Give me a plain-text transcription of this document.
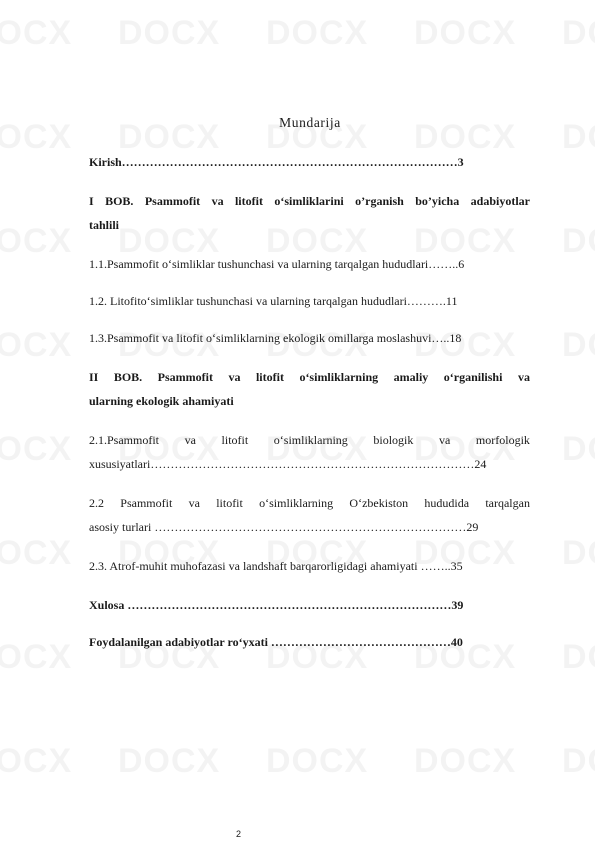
Mundarija
Kirish…………………………………………………………………………3
I BOB. Psammofit va litofit o‘simliklarini o’rganish bo’yicha adabiyotlar
tahlili
1.1.Psammofit o‘simliklar tushunchasi va ularning tarqalgan hududlari……..6
1.2. Litofito‘simliklar tushunchasi va ularning tarqalgan hududlari……….11
1.3.Psammofit va litofit o‘simliklarning ekologik omillarga moslashuvi…..18
II BOB. Psammofit va litofit o‘simliklarning amaliy o‘rganilishi va
ularning ekologik ahamiyati
2.1.Psammofit va litofit o‘simliklarning biologik va morfologik
xususiyatlari………………………………………………………………………24
2.2 Psammofit va litofit o‘simliklarning O‘zbekiston hududida tarqalgan
asosiy turlari ……………………………………………………………………29
2.3. Atrof-muhit muhofazasi va landshaft barqarorligidagi ahamiyati ……..35
Xulosa ………………………………………………………………………39
Foydalanilgan adabiyotlar ro‘yxati ………………………………………40
2
